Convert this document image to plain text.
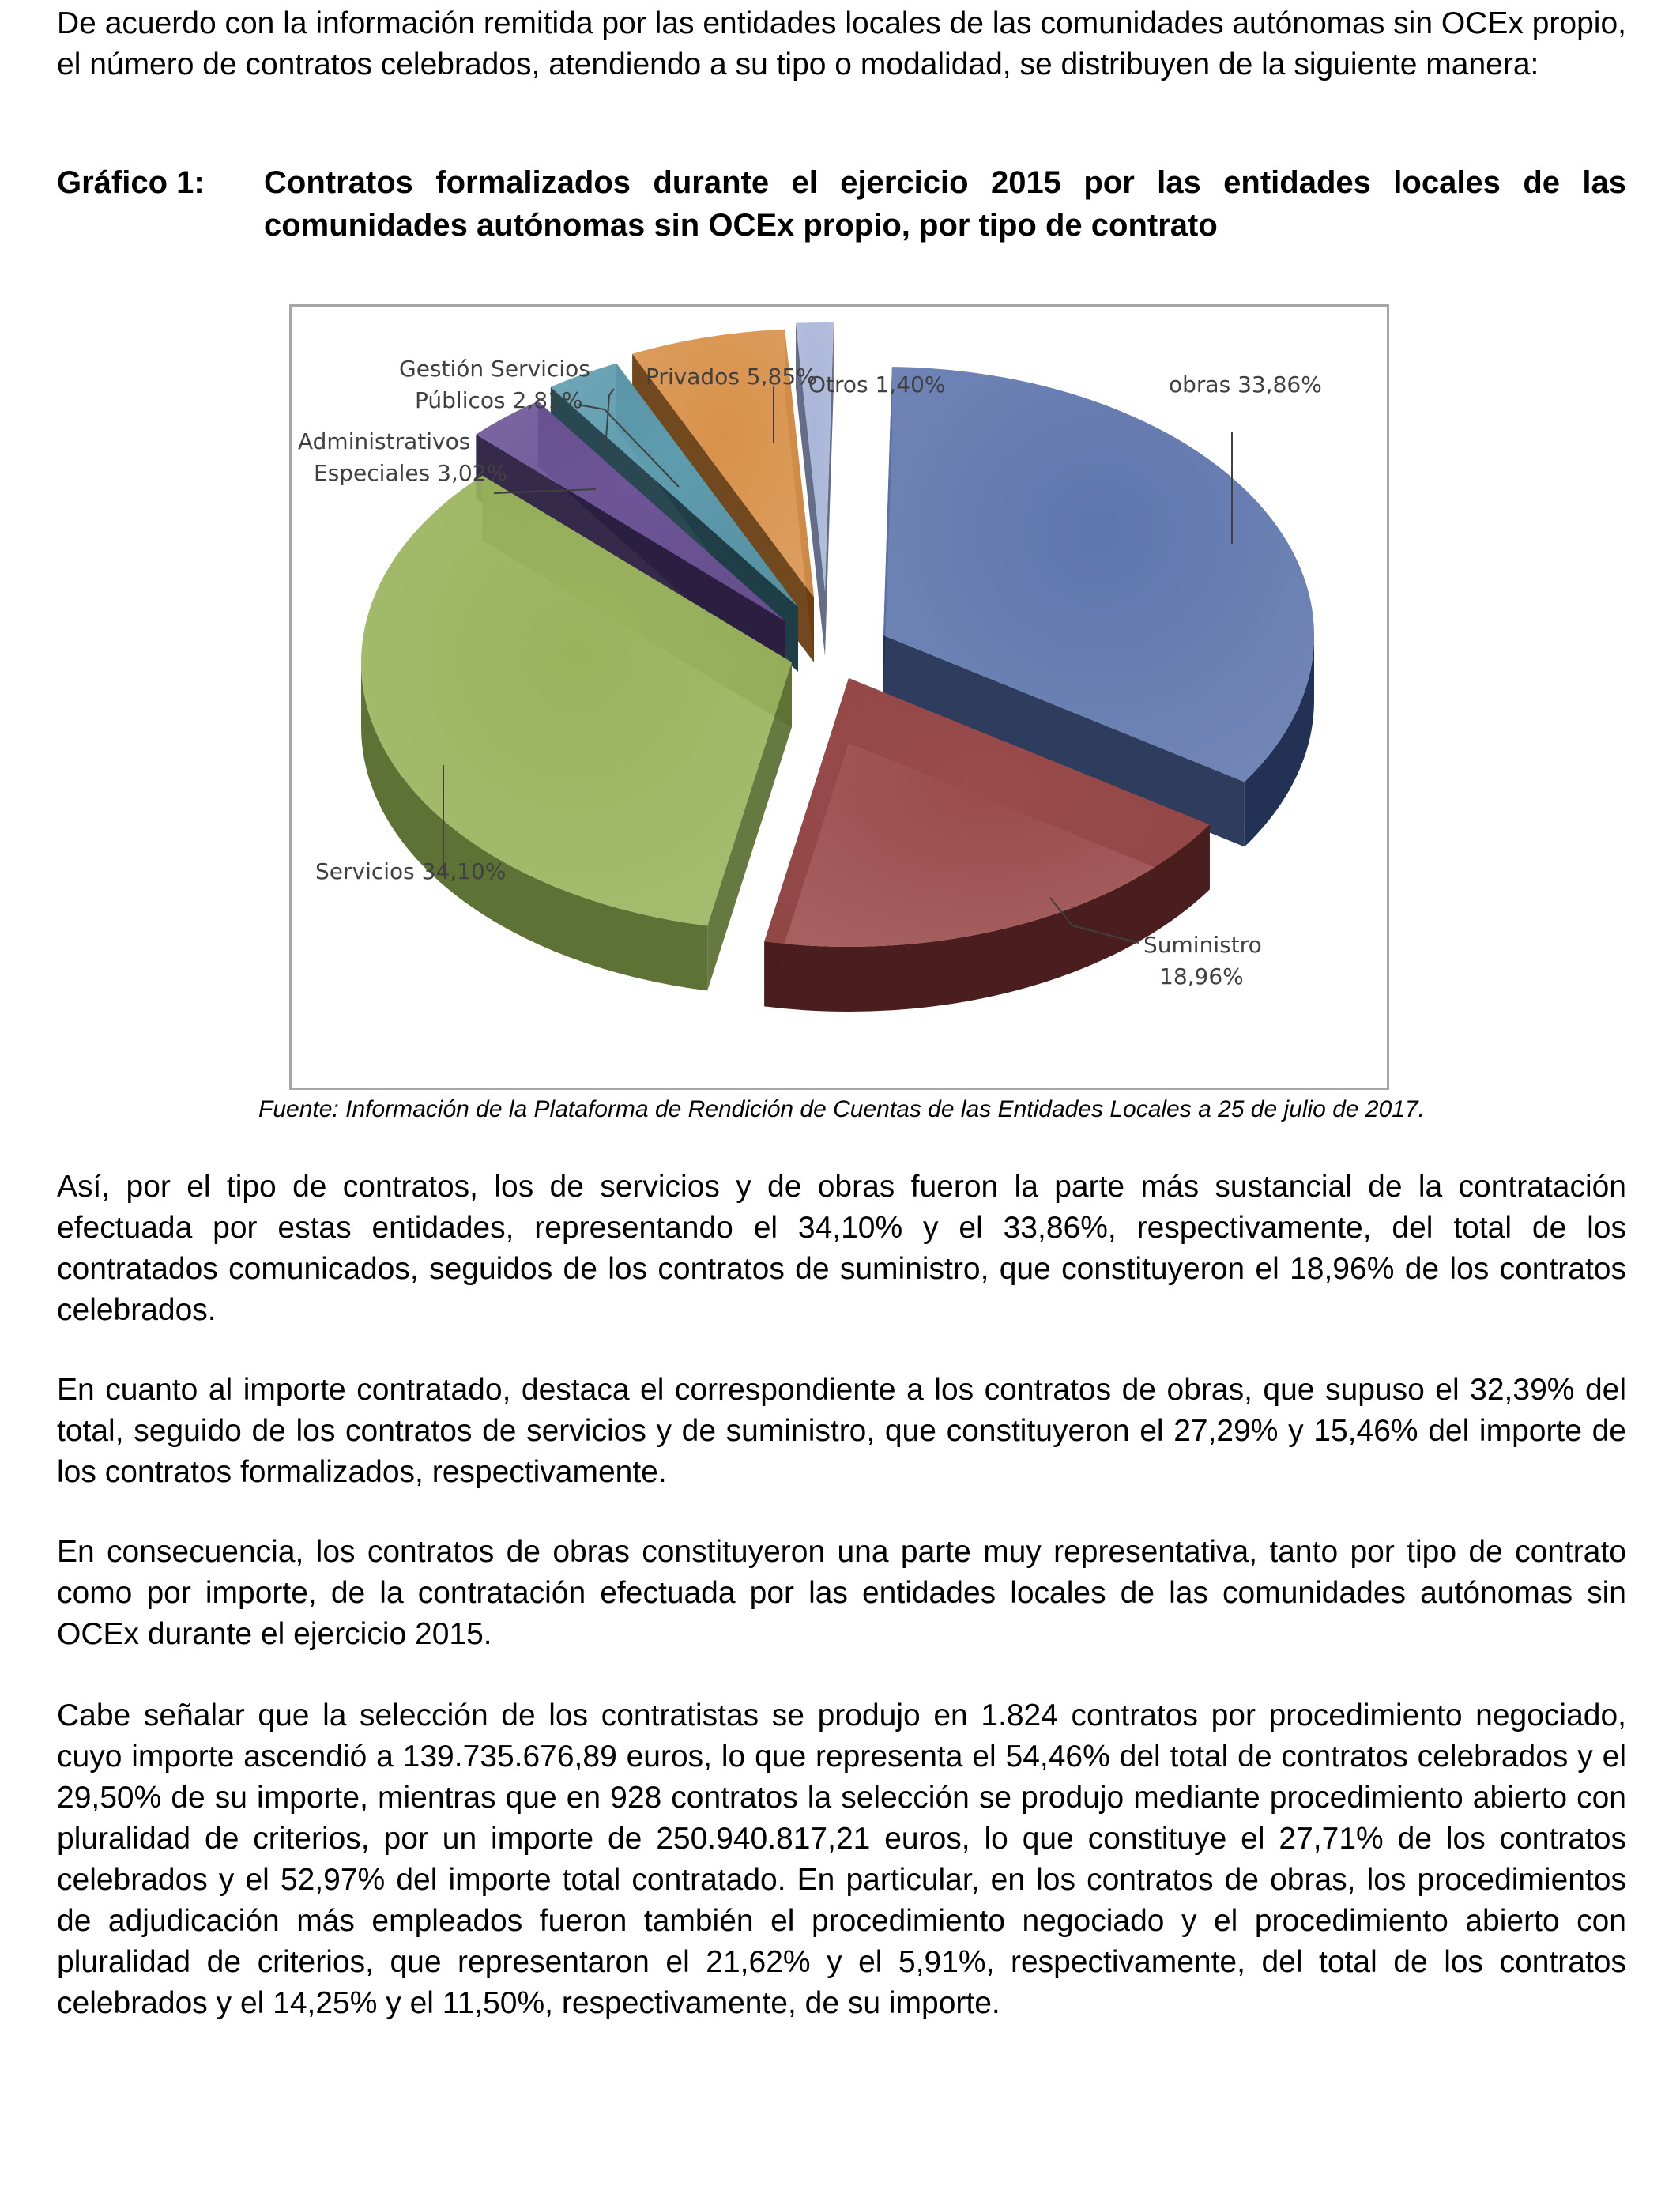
De acuerdo con la información remitida por las entidades locales de las comunidades autónomas sin OCEx propio, el número de contratos celebrados, atendiendo a su tipo o modalidad, se distribuyen de la siguiente manera:

Gráfico 1: Contratos formalizados durante el ejercicio 2015 por las entidades locales de las comunidades autónomas sin OCEx propio, por tipo de contrato
obras 33,86%
Suministro 18,96%
Servicios 34,10%
Administrativos Especiales 3,02%
Gestión Servicios Públicos 2,81%
Privados 5,85%
Otros 1,40%
Fuente: Información de la Plataforma de Rendición de Cuentas de las Entidades Locales a 25 de julio de 2017.

Así, por el tipo de contratos, los de servicios y de obras fueron la parte más sustancial de la contratación efectuada por estas entidades, representando el 34,10% y el 33,86%, respectivamente, del total de los contratados comunicados, seguidos de los contratos de suministro, que constituyeron el 18,96% de los contratos celebrados.

En cuanto al importe contratado, destaca el correspondiente a los contratos de obras, que supuso el 32,39% del total, seguido de los contratos de servicios y de suministro, que constituyeron el 27,29% y 15,46% del importe de los contratos formalizados, respectivamente.

En consecuencia, los contratos de obras constituyeron una parte muy representativa, tanto por tipo de contrato como por importe, de la contratación efectuada por las entidades locales de las comunidades autónomas sin OCEx durante el ejercicio 2015.

Cabe señalar que la selección de los contratistas se produjo en 1.824 contratos por procedimiento negociado, cuyo importe ascendió a 139.735.676,89 euros, lo que representa el 54,46% del total de contratos celebrados y el 29,50% de su importe, mientras que en 928 contratos la selección se produjo mediante procedimiento abierto con pluralidad de criterios, por un importe de 250.940.817,21 euros, lo que constituye el 27,71% de los contratos celebrados y el 52,97% del importe total contratado. En particular, en los contratos de obras, los procedimientos de adjudicación más empleados fueron también el procedimiento negociado y el procedimiento abierto con pluralidad de criterios, que representaron el 21,62% y el 5,91%, respectivamente, del total de los contratos celebrados y el 14,25% y el 11,50%, respectivamente, de su importe.
